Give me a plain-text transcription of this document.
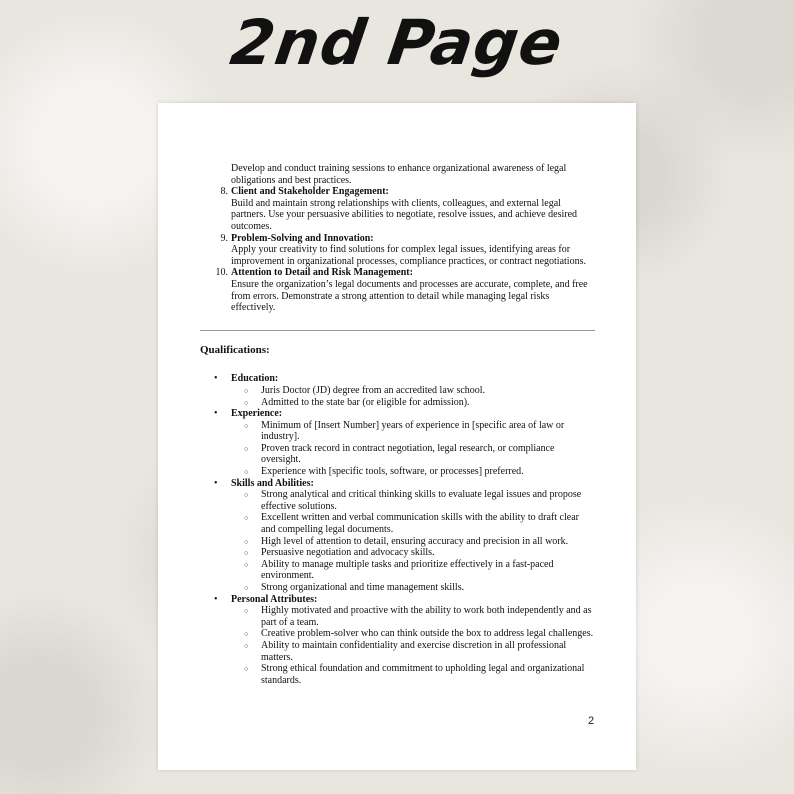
2nd Page
Develop and conduct training sessions to enhance organizational awareness of legal obligations and best practices.
8. Client and Stakeholder Engagement:
Build and maintain strong relationships with clients, colleagues, and external legal partners. Use your persuasive abilities to negotiate, resolve issues, and achieve desired outcomes.
9. Problem-Solving and Innovation:
Apply your creativity to find solutions for complex legal issues, identifying areas for improvement in organizational processes, compliance practices, or contract negotiations.
10. Attention to Detail and Risk Management:
Ensure the organization’s legal documents and processes are accurate, complete, and free from errors. Demonstrate a strong attention to detail while managing legal risks effectively.
Qualifications:
• Education:
○ Juris Doctor (JD) degree from an accredited law school.
○ Admitted to the state bar (or eligible for admission).
• Experience:
○ Minimum of [Insert Number] years of experience in [specific area of law or industry].
○ Proven track record in contract negotiation, legal research, or compliance oversight.
○ Experience with [specific tools, software, or processes] preferred.
• Skills and Abilities:
○ Strong analytical and critical thinking skills to evaluate legal issues and propose effective solutions.
○ Excellent written and verbal communication skills with the ability to draft clear and compelling legal documents.
○ High level of attention to detail, ensuring accuracy and precision in all work.
○ Persuasive negotiation and advocacy skills.
○ Ability to manage multiple tasks and prioritize effectively in a fast-paced environment.
○ Strong organizational and time management skills.
• Personal Attributes:
○ Highly motivated and proactive with the ability to work both independently and as part of a team.
○ Creative problem-solver who can think outside the box to address legal challenges.
○ Ability to maintain confidentiality and exercise discretion in all professional matters.
○ Strong ethical foundation and commitment to upholding legal and organizational standards.
2
